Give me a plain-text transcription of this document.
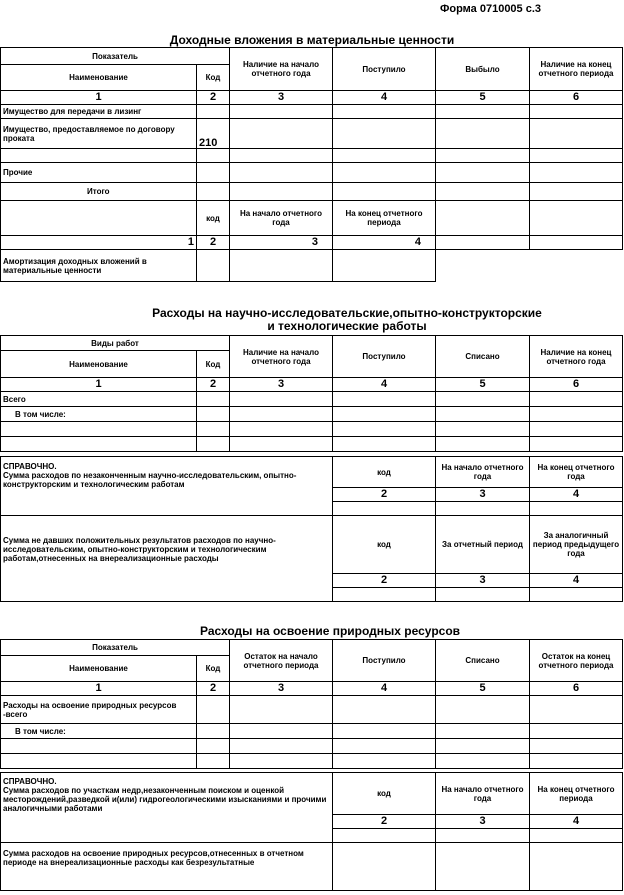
Форма 0710005 с.3
Доходные вложения в материальные ценности
Показатель		Наличие на начало отчетного года	Поступило	Выбыло	Наличие на конец отчетного периода
Наименование	Код				
1	2	3	4	5	6
Имущество для передачи в лизинг					
Имущество, предоставляемое по договору проката	210				

Прочие					
Итого					
	код	На начало отчетного года	На конец отчетного периода		
1	2	3	4		
Амортизация доходных вложений в материальные ценности					
Расходы на научно-исследовательские,опытно-конструкторские
и технологические работы
Виды работ		Наличие на начало отчетного года	Поступило	Списано	Наличие на конец отчетного года
Наименование	Код				
1	2	3	4	5	6
Всего					
В том числе:					

СПРАВОЧНО.
Сумма расходов по незаконченным научно-исследовательским, опытно-конструкторским и технологическим работам	код	На начало отчетного года	На конец отчетного года
	2	3	4

Сумма не давших положительных результатов расходов по научно-исследовательским, опытно-конструкторским и технологическим работам,отнесенных на внереализационные расходы	код	За отчетный период	За аналогичный период предыдущего года
	2	3	4

Расходы на освоение природных ресурсов
Показатель		Остаток на начало отчетного периода	Поступило	Списано	Остаток на конец отчетного периода
Наименование	Код				
1	2	3	4	5	6
Расходы на освоение природных ресурсов -всего					
В том числе:					

СПРАВОЧНО.
Сумма расходов по участкам недр,незаконченным поиском и оценкой месторождений,разведкой и(или) гидрогеологическими изысканиями и прочими аналогичными работами	код	На начало отчетного года	На конец отчетного периода
	2	3	4

Сумма расходов на освоение природных ресурсов,отнесенных в отчетном периоде на внереализационные расходы как безрезультатные			
